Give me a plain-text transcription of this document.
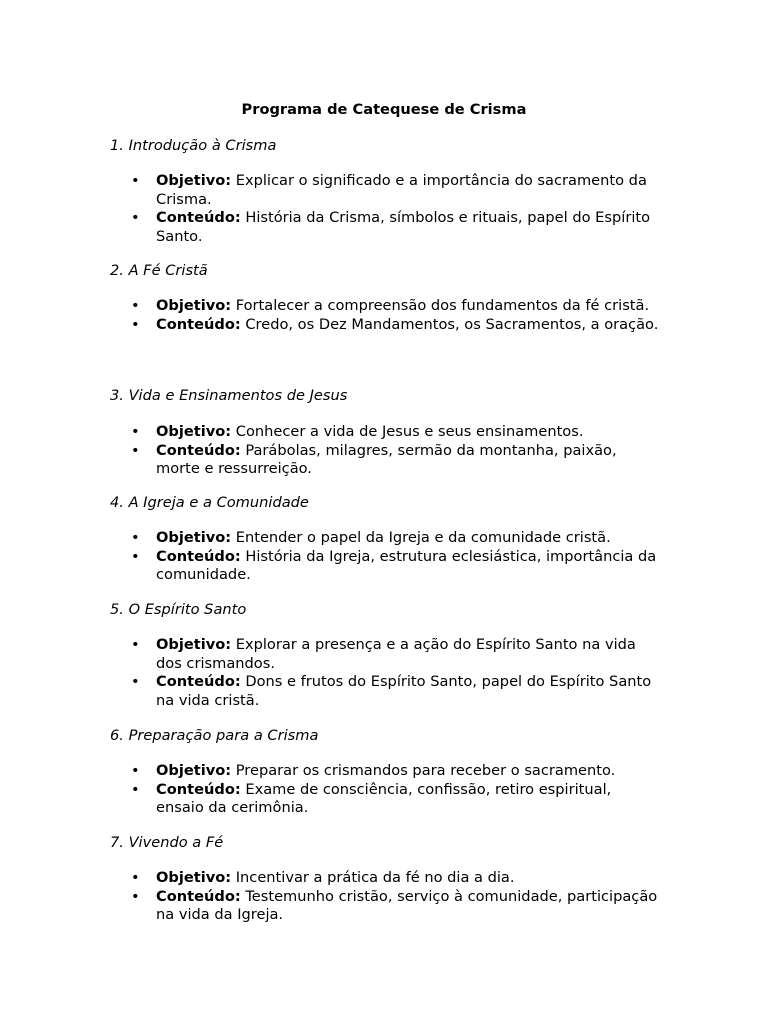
Programa de Catequese de Crisma
1. Introdução à Crisma
• Objetivo: Explicar o significado e a importância do sacramento da Crisma.
• Conteúdo: História da Crisma, símbolos e rituais, papel do Espírito Santo.
2. A Fé Cristã
• Objetivo: Fortalecer a compreensão dos fundamentos da fé cristã.
• Conteúdo: Credo, os Dez Mandamentos, os Sacramentos, a oração.
3. Vida e Ensinamentos de Jesus
• Objetivo: Conhecer a vida de Jesus e seus ensinamentos.
• Conteúdo: Parábolas, milagres, sermão da montanha, paixão, morte e ressurreição.
4. A Igreja e a Comunidade
• Objetivo: Entender o papel da Igreja e da comunidade cristã.
• Conteúdo: História da Igreja, estrutura eclesiástica, importância da comunidade.
5. O Espírito Santo
• Objetivo: Explorar a presença e a ação do Espírito Santo na vida dos crismandos.
• Conteúdo: Dons e frutos do Espírito Santo, papel do Espírito Santo na vida cristã.
6. Preparação para a Crisma
• Objetivo: Preparar os crismandos para receber o sacramento.
• Conteúdo: Exame de consciência, confissão, retiro espiritual, ensaio da cerimônia.
7. Vivendo a Fé
• Objetivo: Incentivar a prática da fé no dia a dia.
• Conteúdo: Testemunho cristão, serviço à comunidade, participação na vida da Igreja.
